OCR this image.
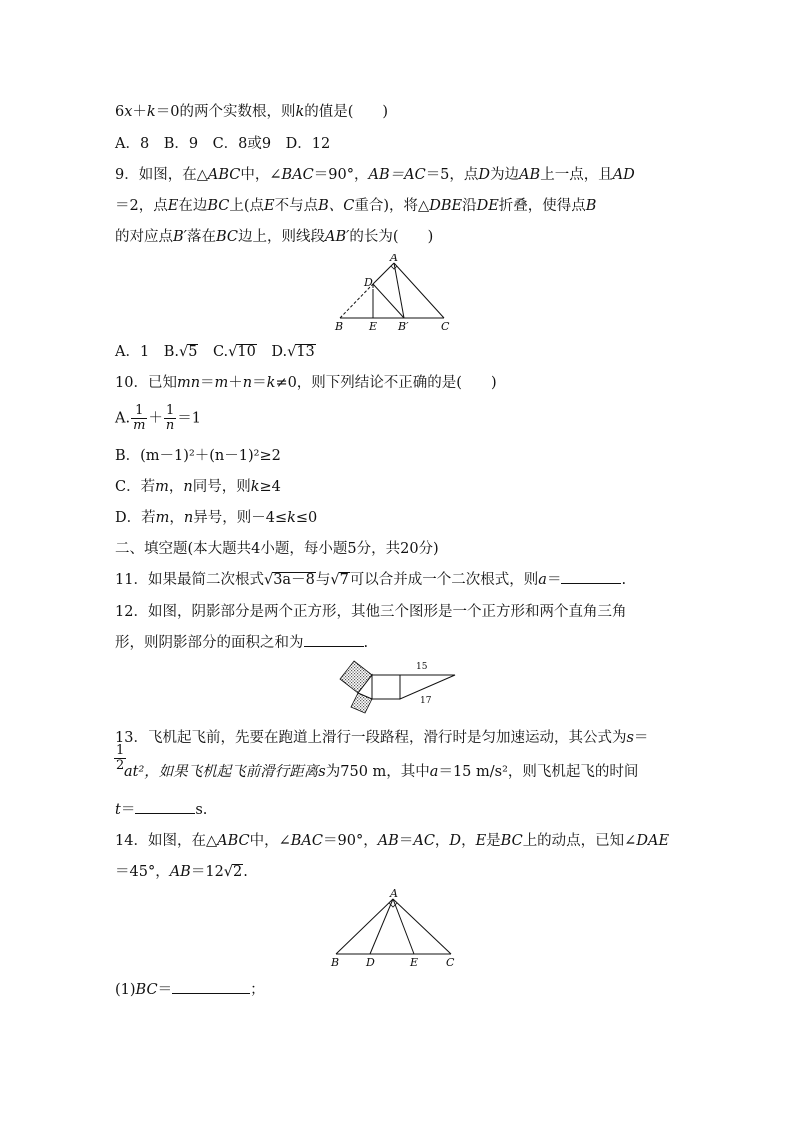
6x＋k＝0的两个实数根，则k的值是(　　)
A．8　B．9　C．8或9　D．12
9．如图，在△ABC中，∠BAC＝90°，AB＝AC＝5，点D为边AB上一点，且AD
＝2，点E在边BC上(点E不与点B、C重合)，将△DBE沿DE折叠，使得点B
的对应点B′落在BC边上，则线段AB′的长为(　　)
A
D
B E B′	C
A．1　B.√5　C.√10　D.√13
10．已知mn＝m＋n＝k≠0，则下列结论不正确的是(　　)
A. $\frac{1}{m} + \frac{1}{n} =1$
B．(m－1)²＋(n－1)²≥2
C．若m，n同号，则k≥4
D．若m，n异号，则－4≤k≤0
二、填空题(本大题共4小题，每小题5分，共20分)
11．如果最简二次根式√3a－8与√7可以合并成一个二次根式，则a＝	.
12．如图，阴影部分是两个正方形，其他三个图形是一个正方形和两个直角三角
形，则阴影部分的面积之和为	.
15
17
13．飞机起飞前，先要在跑道上滑行一段路程，滑行时是匀加速运动，其公式为s＝
$\frac{1}{2}$
at²，如果飞机起飞前滑行距离s为750 m，其中a＝15 m/s²，则飞机起飞的时间
t＝	s.
14．如图，在△ABC中，∠BAC＝90°，AB＝AC，D，E是BC上的动点，已知∠DAE
＝45°，AB＝12√2.
A
B D	E	C
(1)BC＝	；
